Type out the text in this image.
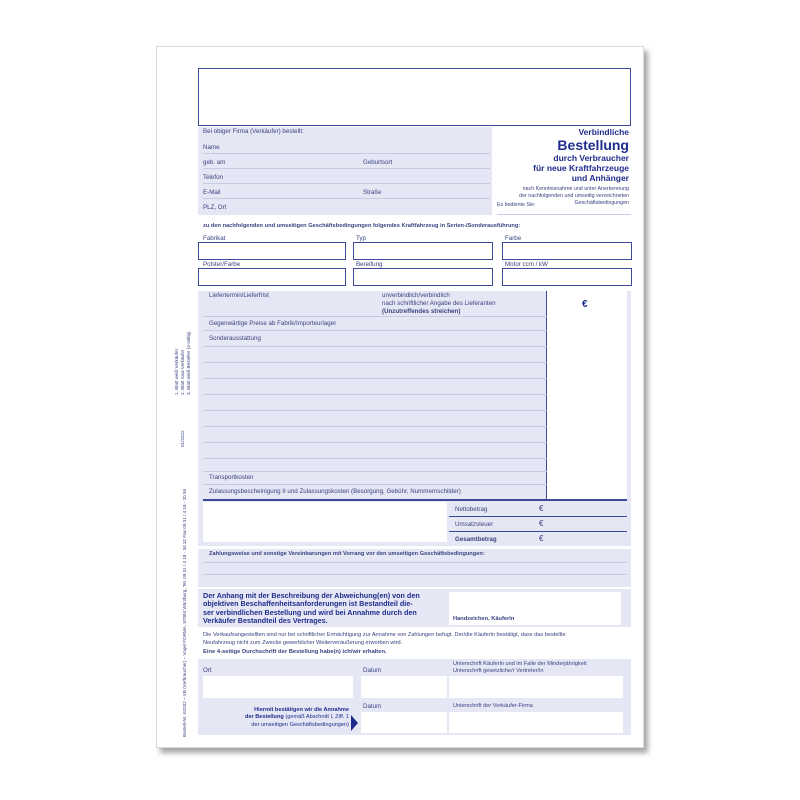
Bei obiger Firma (Verkäufer) bestellt:
Name
geb. am	Geburtsort
Telefon
E-Mail	Straße
PLZ, Ort
Verbindliche
Bestellung
durch Verbraucher
für neue Kraftfahrzeuge
und Anhänger
nach Kenntnisnahme und unter Anerkennung
der nachfolgenden und umseitig verzeichneten
Geschäftsbedingungen
Es bediente Sie:
zu den nachfolgenden und umseitigen Geschäftsbedingungen folgendes Kraftfahrzeug in Serien-/Sonderausführung:
Fabrikat	Typ	Farbe
Polster/Farbe	Bereifung	Motor ccm / kW
Liefertermin/Lieferfrist	unverbindlich/verbindlich
nach schriftlicher Angabe des Lieferanten
(Unzutreffendes streichen)
€
Gegenwärtige Preise ab Fabrik/Importeurlager
Sonderausstattung
Transportkosten
Zulassungsbescheinigung II und Zulassungskosten (Besorgung, Gebühr, Nummernschilder)
Nettobetrag	€
Umsatzsteuer	€
Gesamtbetrag	€
Zahlungsweise und sonstige Vereinbarungen mit Vorrang vor den umseitigen Geschäftsbedingungen:
Der Anhang mit der Beschreibung der Abweichung(en) von den
objektiven Beschaffenheitsanforderungen ist Bestandteil die-
ser verbindlichen Bestellung und wird bei Annahme durch den
Verkäufer Bestandteil des Vertrages.	Handzeichen, Käuferln
Die Verkaufsangestellten sind nur bei schriftlicher Ermächtigung zur Annahme von Zahlungen befugt. Der/die Käuferln bestätigt, dass das bestellte
Neufahrzeug nicht zum Zwecke gewerblicher Weiterveräußerung erworben wird.
Eine 4-seitige Durchschrift der Bestellung habe(n) ich/wir erhalten.
Ort	Datum
Unterschrift Käuferln und im Falle der Minderjährigkeit
Unterschrift gesetzliche/r Vertreter/in
Hiermit bestätigen wir die Annahme
der Bestellung (gemäß Abschnitt I, Ziff. 1
der umseitigen Geschäftsbedingungen)
Datum	Unterschrift der Verkäufer-Firma
1. Blatt weiß Verkäufer 2. Blatt rosa Verkäufer 3. Blatt weiß Besteller (4-seitig)
01/2022
Bestell-Nr. K0202 – VB (Verbraucher) – Vogel FORMA, 97084 Würzburg, Tel. 09 31 / 4 18 - 34 32 Fax 09 31 / 4 18 - 20 55
